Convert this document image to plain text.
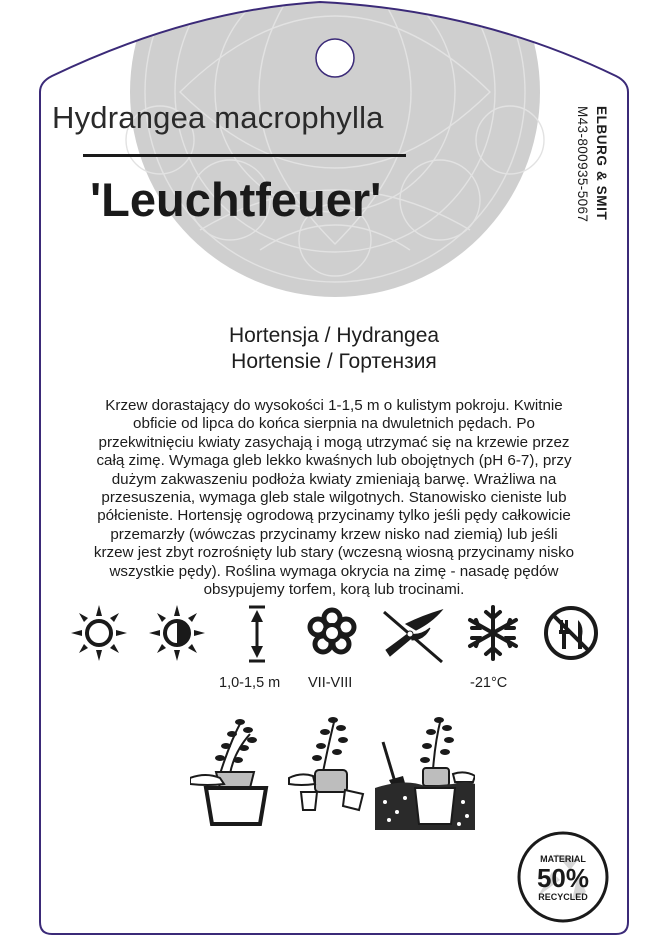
Hydrangea macrophylla
'Leuchtfeuer'	ELBURG & SMIT
M43-800935-5067
Hortensja / Hydrangea
Hortensie / Гортензия
Krzew dorastający do wysokości 1-1,5 m o kulistym pokroju. Kwitnie
obficie od lipca do końca sierpnia na dwuletnich pędach. Po
przekwitnięciu kwiaty zasychają i mogą utrzymać się na krzewie przez
całą zimę. Wymaga gleb lekko kwaśnych lub obojętnych (pH 6-7), przy
dużym zakwaszeniu podłoża kwiaty zmieniają barwę. Wrażliwa na
przesuszenia, wymaga gleb stale wilgotnych. Stanowisko cieniste lub
półcieniste. Hortensję ogrodową przycinamy tylko jeśli pędy całkowicie
przemarzły (wówczas przycinamy krzew nisko nad ziemią) lub jeśli
krzew jest zbyt rozrośnięty lub stary (wczesną wiosną przycinamy nisko
wszystkie pędy). Roślina wymaga okrycia na zimę - nasadę pędów
obsypujemy torfem, korą lub trocinami.
1,0-1,5 m VII-VIII	-21°C
MATERIAL
50%
RECYCLED
